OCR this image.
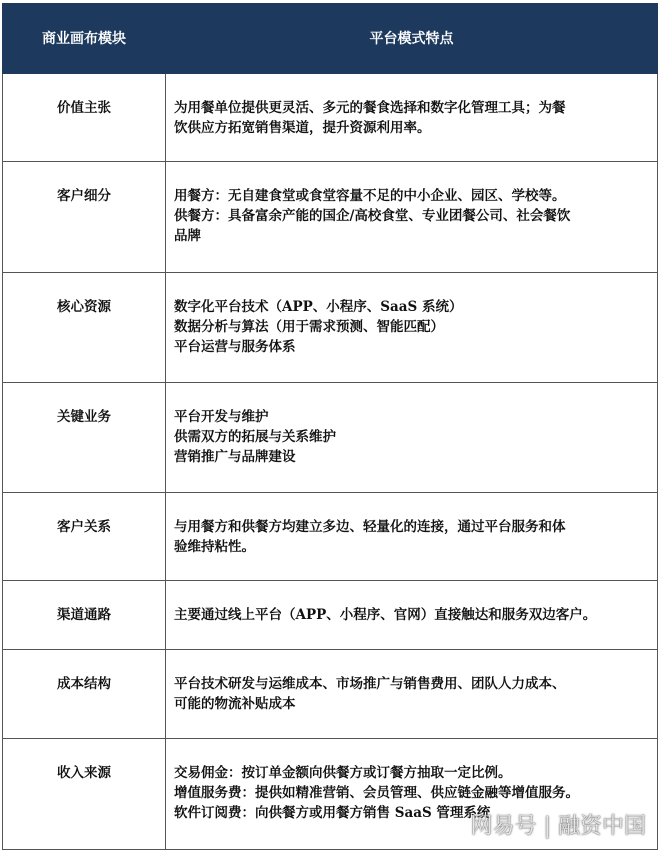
商业画布模块	平台模式特点
价值主张	为用餐单位提供更灵活、多元的餐食选择和数字化管理工具；为餐
饮供应方拓宽销售渠道，提升资源利用率。

客户细分	用餐方：无自建食堂或食堂容量不足的中小企业、园区、学校等。
供餐方：具备富余产能的国企/高校食堂、专业团餐公司、社会餐饮
品牌

核心资源	数字化平台技术（APP、小程序、SaaS 系统）
数据分析与算法（用于需求预测、智能匹配）
平台运营与服务体系

关键业务	平台开发与维护
供需双方的拓展与关系维护
营销推广与品牌建设

客户关系	与用餐方和供餐方均建立多边、轻量化的连接，通过平台服务和体
验维持粘性。

渠道通路	主要通过线上平台（APP、小程序、官网）直接触达和服务双边客户。

成本结构	平台技术研发与运维成本、市场推广与销售费用、团队人力成本、
可能的物流补贴成本

收入来源	交易佣金：按订单金额向供餐方或订餐方抽取一定比例。
增值服务费：提供如精准营销、会员管理、供应链金融等增值服务。
软件订阅费：向供餐方或用餐方销售 SaaS 管理系统
网易号 | 融资中国
